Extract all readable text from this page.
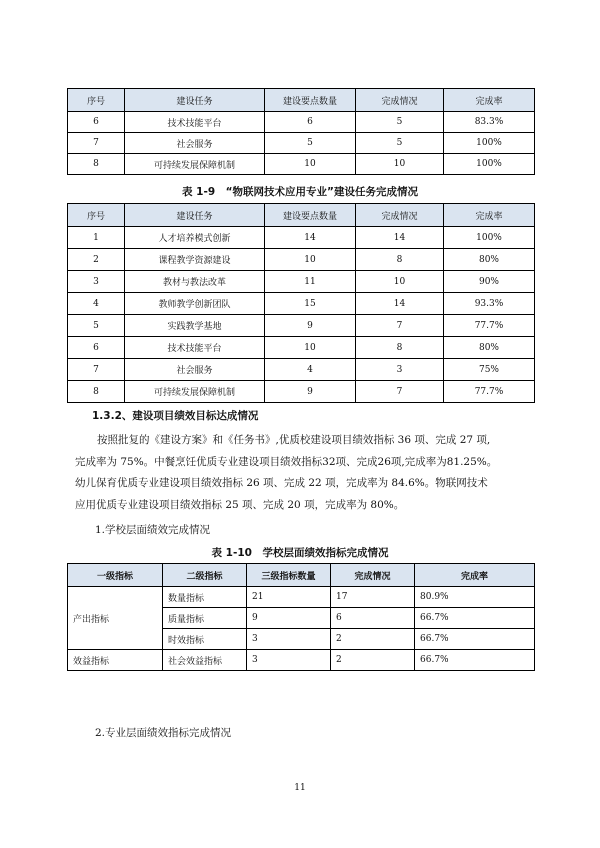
序号	建设任务	建设要点数量	完成情况	完成率
6	技术技能平台	6	5	83.3%
7	社会服务	5	5	100%
8	可持续发展保障机制	10	10	100%
表 1-9　“物联网技术应用专业”建设任务完成情况
序号	建设任务	建设要点数量	完成情况	完成率
1	人才培养模式创新	14	14	100%
2	课程教学资源建设	10	8	80%
3	教材与教法改革	11	10	90%
4	教师教学创新团队	15	14	93.3%
5	实践教学基地	9	7	77.7%
6	技术技能平台	10	8	80%
7	社会服务	4	3	75%
8	可持续发展保障机制	9	7	77.7%
1.3.2、建设项目绩效目标达成情况
按照批复的《建设方案》和《任务书》,优质校建设项目绩效指标 36 项、完成 27 项,
完成率为 75%。中餐烹饪优质专业建设项目绩效指标32项、完成26项,完成率为81.25%。
幼儿保育优质专业建设项目绩效指标 26 项、完成 22 项，完成率为 84.6%。物联网技术
应用优质专业建设项目绩效指标 25 项、完成 20 项，完成率为 80%。
1.学校层面绩效完成情况
表 1-10　学校层面绩效指标完成情况
一级指标	二级指标	三级指标数量	完成情况	完成率
产出指标	数量指标	21	17	80.9%
	质量指标	9	6	66.7%
	时效指标	3	2	66.7%
效益指标	社会效益指标	3	2	66.7%
2.专业层面绩效指标完成情况
11
